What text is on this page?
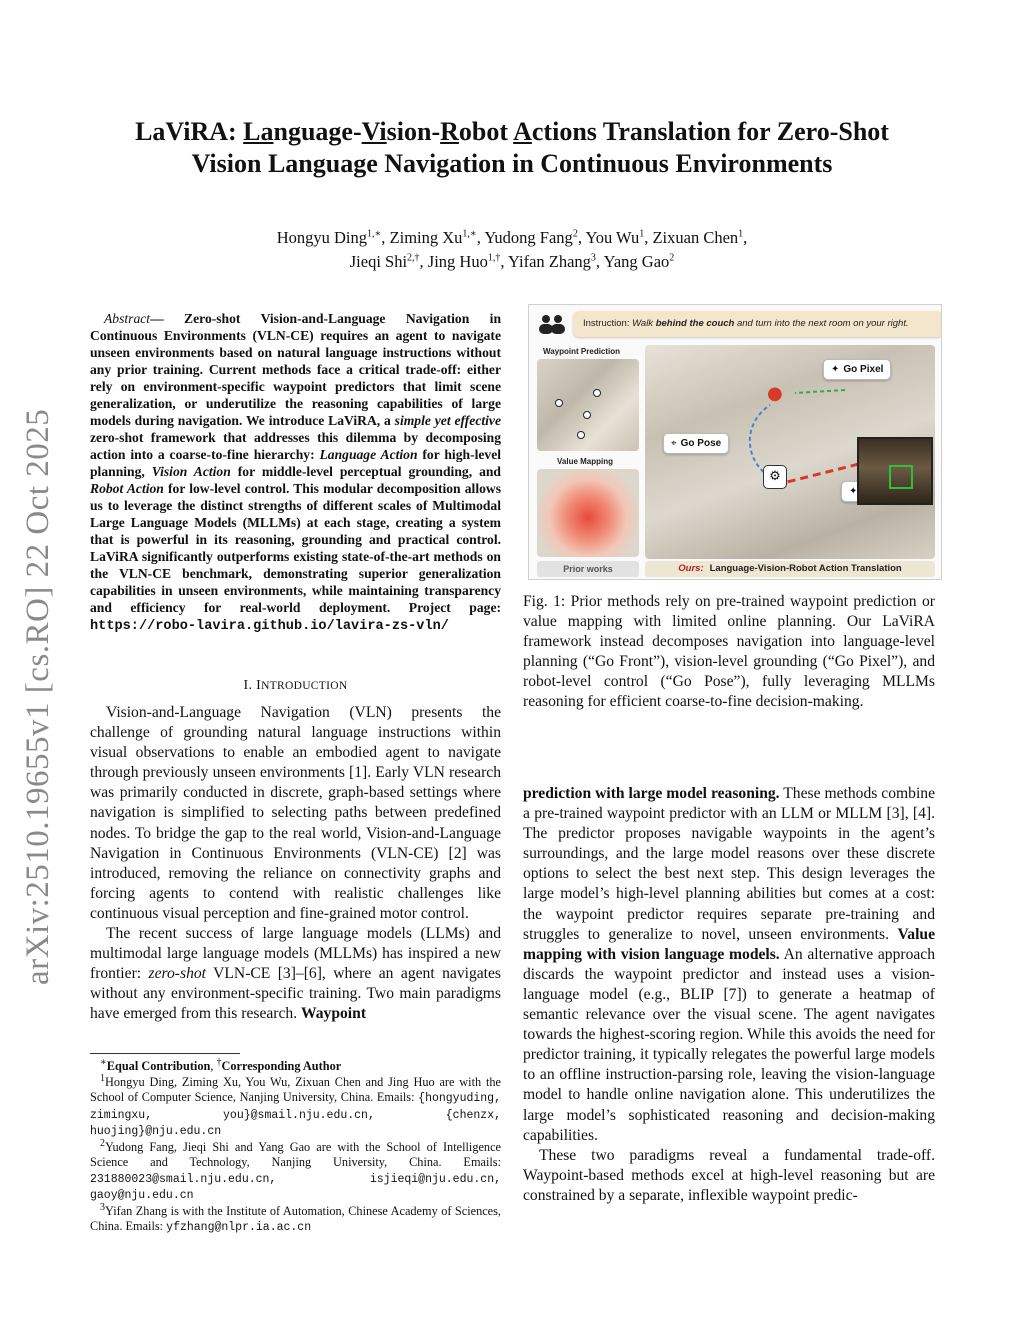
arXiv:2510.19655v1 [cs.RO] 22 Oct 2025
LaViRA: Language-Vision-Robot Actions Translation for Zero-Shot
Vision Language Navigation in Continuous Environments
Hongyu Ding$^{1,∗}$, Ziming $Xu^{1,∗}$, Yudong Fang$^2$, You Wu$^1$, Zixuan Chen$^1$,
Jieqi Shi$^{2,\dagger}$, Jing Huo$^{1,\dagger}$, Yifan Zhang$^3$, Yang Gao$^2$
Abstract— Zero-shot Vision-and-Language Navigation in Continuous Environments (VLN-CE) requires an agent to navigate unseen environments based on natural language instructions without any prior training. Current methods face a critical trade-off: either rely on environment-specific waypoint predictors that limit scene generalization, or underutilize the reasoning capabilities of large models during navigation. We introduce LaViRA, a simple yet effective zero-shot framework that addresses this dilemma by decomposing action into a coarse-to-fine hierarchy: Language Action for high-level planning, Vision Action for middle-level perceptual grounding, and Robot Action for low-level control. This modular decomposition allows us to leverage the distinct strengths of different scales of Multimodal Large Language Models (MLLMs) at each stage, creating a system that is powerful in its reasoning, grounding and practical control. LaViRA significantly outperforms existing state-of-the-art methods on the VLN-CE benchmark, demonstrating superior generalization capabilities in unseen environments, while maintaining transparency and efficiency for real-world deployment. Project page: https://robo-lavira.github.io/lavira-zs-vln/
I. INTRODUCTION

Vision-and-Language Navigation (VLN) presents the challenge of grounding natural language instructions within visual observations to enable an embodied agent to navigate through previously unseen environments [1]. Early VLN research was primarily conducted in discrete, graph-based settings where navigation is simplified to selecting paths between predefined nodes. To bridge the gap to the real world, Vision-and-Language Navigation in Continuous Environments (VLN-CE) [2] was introduced, removing the reliance on connectivity graphs and forcing agents to contend with realistic challenges like continuous visual perception and fine-grained motor control.

The recent success of large language models (LLMs) and multimodal large language models (MLLMs) has inspired a new frontier: zero-shot VLN-CE [3]–[6], where an agent navigates without any environment-specific training. Two main paradigms have emerged from this research. Waypoint

∗Equal Contribution, †Corresponding Author

$^1$Hongyu Ding, Ziming Xu, You Wu, Zixuan Chen and Jing Huo are with the School of Computer Science, Nanjing University, China. Emails: {hongyuding, zimingxu, you}@smail.nju.edu.cn, {chenzx, huojing}@nju.edu.cn

$^2$Yudong Fang, Jieqi Shi and Yang Gao are with the School of Intelligence Science and Technology, Nanjing University, China. Emails: 231880023@smail.nju.edu.cn, isjieqi@nju.edu.cn, gaoy@nju.edu.cn

$^3$Yifan Zhang is with the Institute of Automation, Chinese Academy of Sciences, China. Emails: yfzhang@nlpr.ia.ac.cn

Instruction: Walk behind the couch and turn into the next room on your right.
Waypoint Prediction
Value Mapping
Prior works
✦ Go Pixel
⌖ Go Pose
✦
⚙
●
Ours: Language-Vision-Robot Action Translation
Fig. 1: Prior methods rely on pre-trained waypoint prediction or value mapping with limited online planning. Our LaViRA framework instead decomposes navigation into language-level planning (“Go Front”), vision-level grounding (“Go Pixel”), and robot-level control (“Go Pose”), fully leveraging MLLMs reasoning for efficient coarse-to-fine decision-making.

prediction with large model reasoning. These methods combine a pre-trained waypoint predictor with an LLM or MLLM [3], [4]. The predictor proposes navigable waypoints in the agent’s surroundings, and the large model reasons over these discrete options to select the best next step. This design leverages the large model’s high-level planning abilities but comes at a cost: the waypoint predictor requires separate pre-training and struggles to generalize to novel, unseen environments. Value mapping with vision language models. An alternative approach discards the waypoint predictor and instead uses a vision-language model (e.g., BLIP [7]) to generate a heatmap of semantic relevance over the visual scene. The agent navigates towards the highest-scoring region. While this avoids the need for predictor training, it typically relegates the powerful large models to an offline instruction-parsing role, leaving the vision-language model to handle online navigation alone. This underutilizes the large model’s sophisticated reasoning and decision-making capabilities.

These two paradigms reveal a fundamental trade-off. Waypoint-based methods excel at high-level reasoning but are constrained by a separate, inflexible waypoint predic-
